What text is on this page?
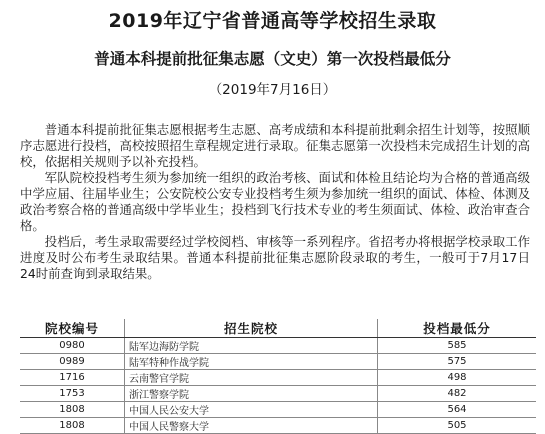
2019年辽宁省普通高等学校招生录取
普通本科提前批征集志愿（文史）第一次投档最低分
（2019年7月16日）

普通本科提前批征集志愿根据考生志愿、高考成绩和本科提前批剩余招生计划等，按照顺序志愿进行投档，高校按照招生章程规定进行录取。征集志愿第一次投档未完成招生计划的高校，依据相关规则予以补充投档。

军队院校投档考生须为参加统一组织的政治考核、面试和体检且结论均为合格的普通高级中学应届、往届毕业生；公安院校公安专业投档考生须为参加统一组织的面试、体检、体测及政治考察合格的普通高级中学毕业生；投档到飞行技术专业的考生须面试、体检、政治审查合格。

投档后，考生录取需要经过学校阅档、审核等一系列程序。省招考办将根据学校录取工作进度及时公布考生录取结果。普通本科提前批征集志愿阶段录取的考生，一般可于7月17日24时前查询到录取结果。

院校编号	招生院校	投档最低分
0980	陆军边海防学院	585
0989	陆军特种作战学院	575
1716	云南警官学院	498
1753	浙江警察学院	482
1808	中国人民公安大学	564
1808	中国人民警察大学	505
